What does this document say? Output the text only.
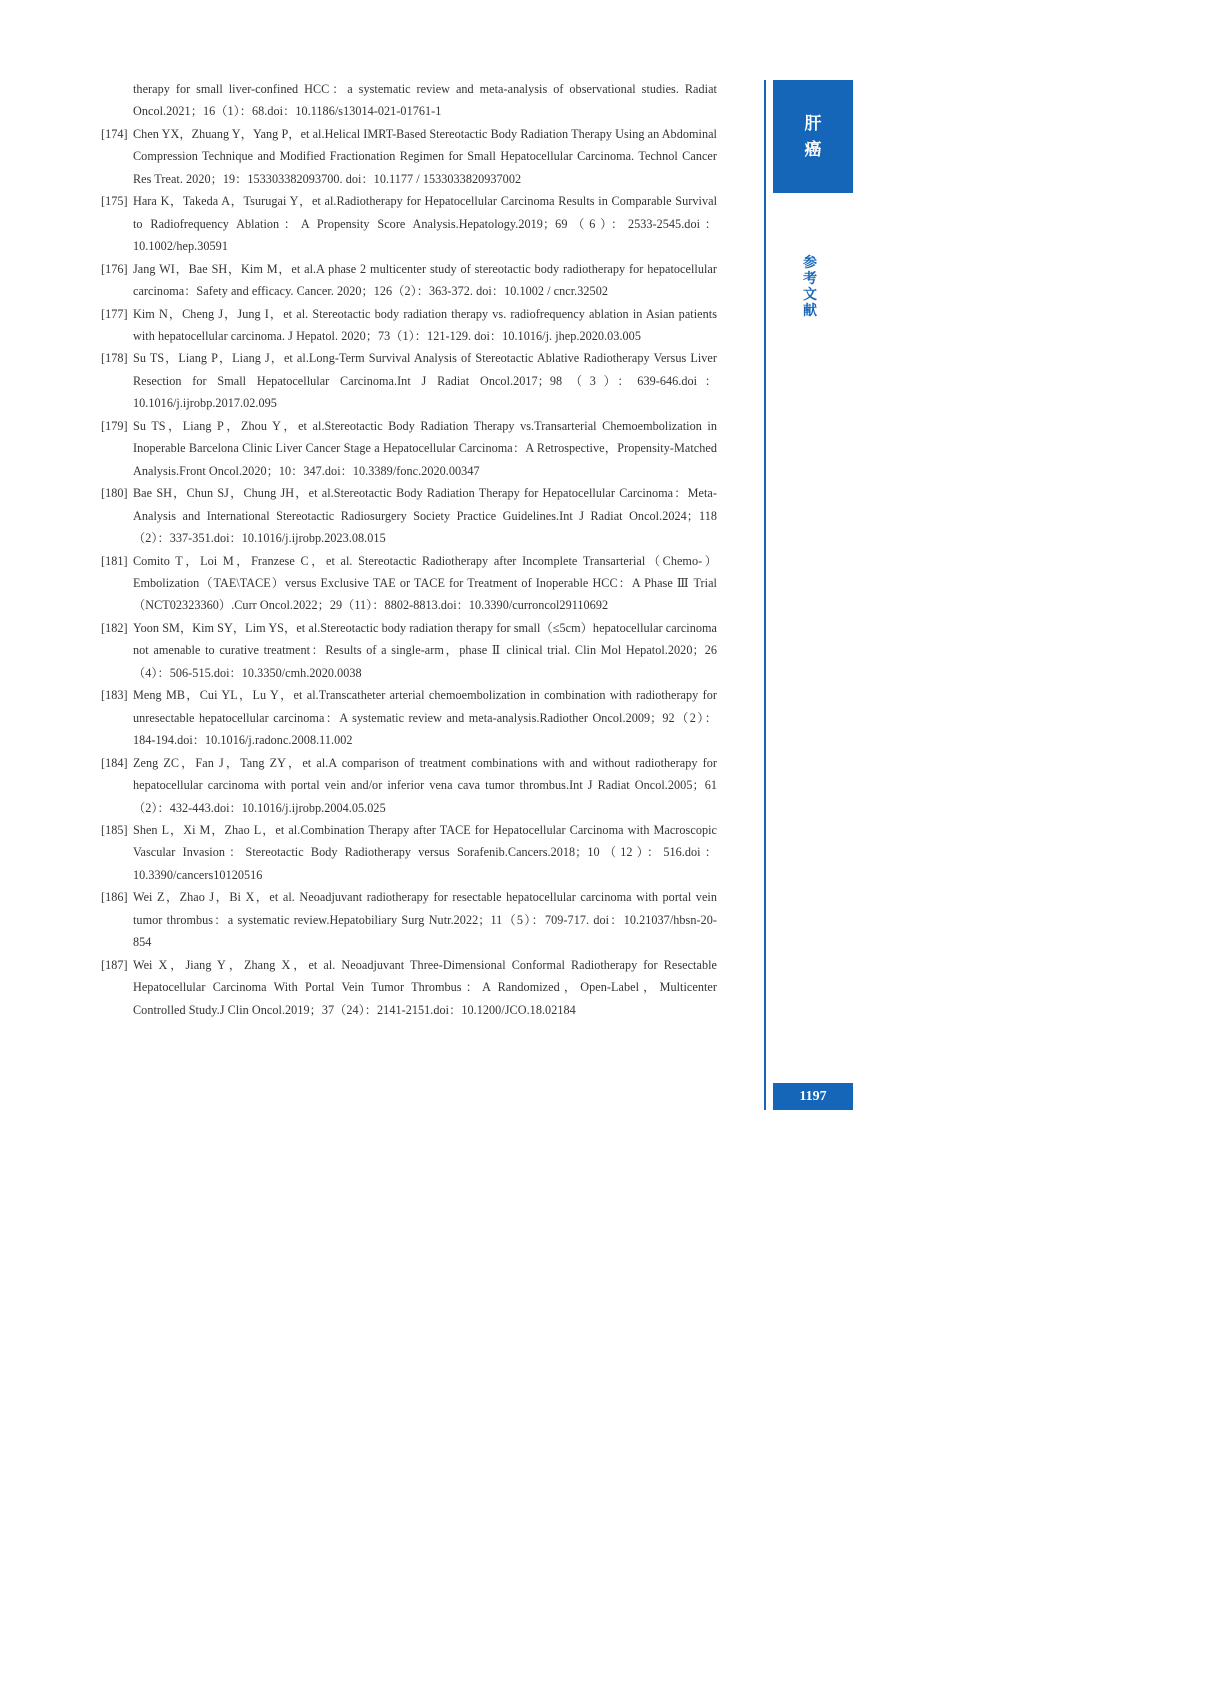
therapy for small liver-confined HCC：a systematic review and meta-analysis of observational studies. Radiat Oncol.2021；16（1）：68.doi：10.1186/s13014-021-01761-1

[174] Chen YX，Zhuang Y，Yang P，et al.Helical IMRT-Based Stereotactic Body Radiation Therapy Using an Abdominal Compression Technique and Modified Fractionation Regimen for Small Hepatocellular Carcinoma. Technol Cancer Res Treat. 2020；19：153303382093700. doi：10.1177 / 1533033820937002

[175] Hara K，Takeda A，Tsurugai Y，et al.Radiotherapy for Hepatocellular Carcinoma Results in Comparable Survival to Radiofrequency Ablation：A Propensity Score Analysis.Hepatology.2019；69（6）：2533-2545.doi：10.1002/hep.30591

[176] Jang WI，Bae SH，Kim M，et al.A phase 2 multicenter study of stereotactic body radiotherapy for hepatocellular carcinoma：Safety and efficacy. Cancer. 2020；126（2）：363-372. doi：10.1002 / cncr.32502

[177] Kim N，Cheng J，Jung I，et al. Stereotactic body radiation therapy vs. radiofrequency ablation in Asian patients with hepatocellular carcinoma. J Hepatol. 2020；73（1）：121-129. doi：10.1016/j. jhep.2020.03.005

[178] Su TS，Liang P，Liang J，et al.Long-Term Survival Analysis of Stereotactic Ablative Radiotherapy Versus Liver Resection for Small Hepatocellular Carcinoma.Int J Radiat Oncol.2017；98（3）：639-646.doi：10.1016/j.ijrobp.2017.02.095

[179] Su TS，Liang P，Zhou Y，et al.Stereotactic Body Radiation Therapy vs.Transarterial Chemoembolization in Inoperable Barcelona Clinic Liver Cancer Stage a Hepatocellular Carcinoma：A Retrospective，Propensity-Matched Analysis.Front Oncol.2020；10：347.doi：10.3389/fonc.2020.00347

[180] Bae SH，Chun SJ，Chung JH，et al.Stereotactic Body Radiation Therapy for Hepatocellular Carcinoma：Meta-Analysis and International Stereotactic Radiosurgery Society Practice Guidelines.Int J Radiat Oncol.2024；118（2）：337-351.doi：10.1016/j.ijrobp.2023.08.015

[181] Comito T，Loi M，Franzese C，et al. Stereotactic Radiotherapy after Incomplete Transarterial（Chemo-）Embolization（TAE\TACE）versus Exclusive TAE or TACE for Treatment of Inoperable HCC：A Phase Ⅲ Trial（NCT02323360）.Curr Oncol.2022；29（11）：8802-8813.doi：10.3390/curroncol29110692

[182] Yoon SM，Kim SY，Lim YS，et al.Stereotactic body radiation therapy for small（≤5cm）hepatocellular carcinoma not amenable to curative treatment：Results of a single-arm，phase Ⅱ clinical trial. Clin Mol Hepatol.2020；26（4）：506-515.doi：10.3350/cmh.2020.0038

[183] Meng MB，Cui YL，Lu Y，et al.Transcatheter arterial chemoembolization in combination with radiotherapy for unresectable hepatocellular carcinoma：A systematic review and meta-analysis.Radiother Oncol.2009；92（2）：184-194.doi：10.1016/j.radonc.2008.11.002

[184] Zeng ZC，Fan J，Tang ZY，et al.A comparison of treatment combinations with and without radiotherapy for hepatocellular carcinoma with portal vein and/or inferior vena cava tumor thrombus.Int J Radiat Oncol.2005；61（2）：432-443.doi：10.1016/j.ijrobp.2004.05.025

[185] Shen L，Xi M，Zhao L，et al.Combination Therapy after TACE for Hepatocellular Carcinoma with Macroscopic Vascular Invasion：Stereotactic Body Radiotherapy versus Sorafenib.Cancers.2018；10（12）：516.doi：10.3390/cancers10120516

[186] Wei Z，Zhao J，Bi X，et al. Neoadjuvant radiotherapy for resectable hepatocellular carcinoma with portal vein tumor thrombus：a systematic review.Hepatobiliary Surg Nutr.2022；11（5）：709-717. doi：10.21037/hbsn-20-854

[187] Wei X，Jiang Y，Zhang X，et al. Neoadjuvant Three-Dimensional Conformal Radiotherapy for Resectable Hepatocellular Carcinoma With Portal Vein Tumor Thrombus：A Randomized，Open-Label，Multicenter Controlled Study.J Clin Oncol.2019；37（24）：2141-2151.doi：10.1200/JCO.18.02184

肝
癌
参
考
文
献
1197
